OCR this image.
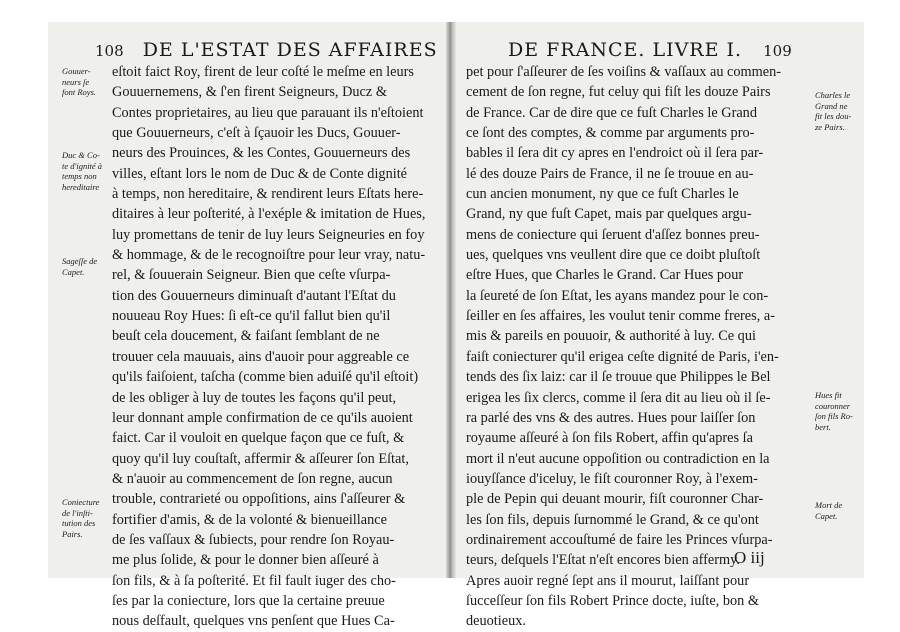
108 DE L'ESTAT DES AFFAIRES	DE FRANCE. LIVRE I. 109
eſtoit faict Roy, firent de leur coſté le meſme en leurs
Gouuernemens, & ſ'en firent Seigneurs, Ducz &
Contes proprietaires, au lieu que parauant ils n'eſtoient
que Gouuerneurs, c'eſt à ſçauoir les Ducs, Gouuer-
neurs des Prouinces, & les Contes, Gouuerneurs des
villes, eſtant lors le nom de Duc & de Conte dignité
à temps, non hereditaire, & rendirent leurs Eſtats here-
ditaires à leur poſterité, à l'exéple & imitation de Hues,
luy promettans de tenir de luy leurs Seigneuries en foy
& hommage, & de le recognoiſtre pour leur vray, natu-
rel, & ſouuerain Seigneur. Bien que ceſte vſurpa-
tion des Gouuerneurs diminuaſt d'autant l'Eſtat du
nouueau Roy Hues: ſi eſt-ce qu'il fallut bien qu'il
beuſt cela doucement, & faiſant ſemblant de ne
trouuer cela mauuais, ains d'auoir pour aggreable ce
qu'ils faiſoient, taſcha (comme bien aduiſé qu'il eſtoit)
de les obliger à luy de toutes les façons qu'il peut,
leur donnant ample confirmation de ce qu'ils auoient
faict. Car il vouloit en quelque façon que ce fuſt, &
quoy qu'il luy couſtaſt, affermir & aſſeurer ſon Eſtat,
& n'auoir au commencement de ſon regne, aucun
trouble, contrarieté ou oppoſitions, ains ſ'aſſeurer &
fortifier d'amis, & de la volonté & bienueillance
de ſes vaſſaux & ſubiects, pour rendre ſon Royau-
me plus ſolide, & pour le donner bien aſſeuré à
ſon fils, & à ſa poſterité. Et fil fault iuger des cho-
ſes par la coniecture, lors que la certaine preuue
nous deſfault, quelques vns penſent que Hues Ca-
Gouuer-
neurs ſe
font Roys.
Duc & Co-
te d'ignité à
temps non
hereditaire
Sageſſe de
Capet.
Coniecture
de l'inſti-
tution des
Pairs.
pet pour ſ'aſſeurer de ſes voiſins & vaſſaux au commen-
cement de ſon regne, fut celuy qui fiſt les douze Pairs
de France. Car de dire que ce fuſt Charles le Grand
ce ſont des comptes, & comme par arguments pro-
bables il ſera dit cy apres en l'endroict où il ſera par-
lé des douze Pairs de France, il ne ſe trouue en au-
cun ancien monument, ny que ce fuſt Charles le
Grand, ny que fuſt Capet, mais par quelques argu-
mens de coniecture qui ſeruent d'aſſez bonnes preu-
ues, quelques vns veullent dire que ce doibt pluſtoſt
eſtre Hues, que Charles le Grand. Car Hues pour
la ſeureté de ſon Eſtat, les ayans mandez pour le con-
ſeiller en ſes affaires, les voulut tenir comme freres, a-
mis & pareils en pouuoir, & authorité à luy. Ce qui
faiſt coniecturer qu'il erigea ceſte dignité de Paris, i'en-
tends des ſix laiz: car il ſe trouue que Philippes le Bel
erigea les ſix clercs, comme il ſera dit au lieu où il ſe-
ra parlé des vns & des autres. Hues pour laiſſer ſon
royaume aſſeuré à ſon fils Robert, affin qu'apres ſa
mort il n'eut aucune oppoſition ou contradiction en la
iouyſſance d'iceluy, le fiſt couronner Roy, à l'exem-
ple de Pepin qui deuant mourir, fiſt couronner Char-
les ſon fils, depuis ſurnommé le Grand, & ce qu'ont
ordinairement accouſtumé de faire les Princes vſurpa-
teurs, deſquels l'Eſtat n'eſt encores bien affermy.
Apres auoir regné ſept ans il mourut, laiſſant pour
ſucceſſeur ſon fils Robert Prince docte, iuſte, bon &
deuotieux.
Charles le
Grand ne
fit les dou-
ze Pairs.
Hues fit
couronner
ſon fils Ro-
bert.
Mort de
Capet.
O iij
